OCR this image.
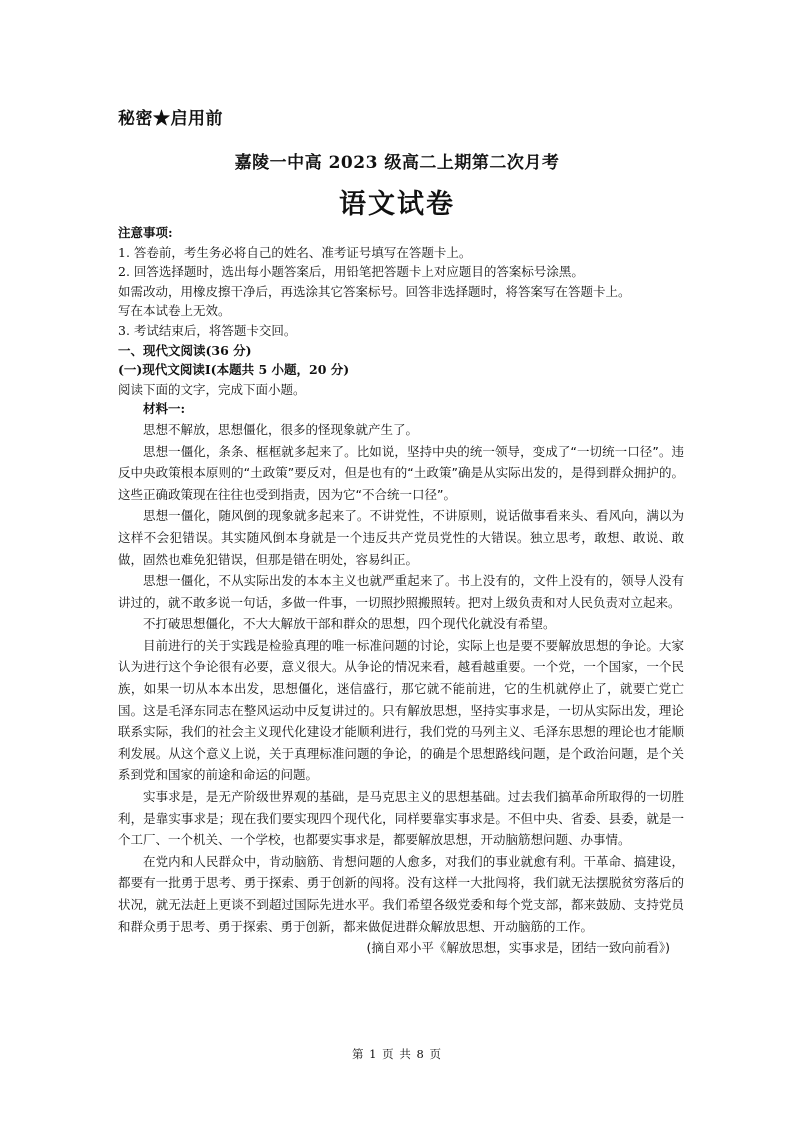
秘密★启用前
嘉陵一中高 2023 级高二上期第二次月考
语文试卷

注意事项:

1. 答卷前，考生务必将自己的姓名、准考证号填写在答题卡上。

2. 回答选择题时，选出每小题答案后，用铅笔把答题卡上对应题目的答案标号涂黑。

如需改动，用橡皮擦干净后，再选涂其它答案标号。回答非选择题时，将答案写在答题卡上。

写在本试卷上无效。

3. 考试结束后，将答题卡交回。

一、现代文阅读(36 分)

(一)现代文阅读Ⅰ(本题共 5 小题，20 分)

阅读下面的文字，完成下面小题。

材料一:

思想不解放，思想僵化，很多的怪现象就产生了。

思想一僵化，条条、框框就多起来了。比如说，坚持中央的统一领导，变成了“一切统一口径”。违反中央政策根本原则的“土政策”要反对，但是也有的“土政策”确是从实际出发的，是得到群众拥护的。这些正确政策现在往往也受到指责，因为它“不合统一口径”。

思想一僵化，随风倒的现象就多起来了。不讲党性，不讲原则，说话做事看来头、看风向，满以为这样不会犯错误。其实随风倒本身就是一个违反共产党员党性的大错误。独立思考，敢想、敢说、敢做，固然也难免犯错误，但那是错在明处，容易纠正。

思想一僵化，不从实际出发的本本主义也就严重起来了。书上没有的，文件上没有的，领导人没有讲过的，就不敢多说一句话，多做一件事，一切照抄照搬照转。把对上级负责和对人民负责对立起来。

不打破思想僵化，不大大解放干部和群众的思想，四个现代化就没有希望。

目前进行的关于实践是检验真理的唯一标准问题的讨论，实际上也是要不要解放思想的争论。大家认为进行这个争论很有必要，意义很大。从争论的情况来看，越看越重要。一个党，一个国家，一个民族，如果一切从本本出发，思想僵化，迷信盛行，那它就不能前进，它的生机就停止了，就要亡党亡国。这是毛泽东同志在整风运动中反复讲过的。只有解放思想，坚持实事求是，一切从实际出发，理论联系实际，我们的社会主义现代化建设才能顺利进行，我们党的马列主义、毛泽东思想的理论也才能顺利发展。从这个意义上说，关于真理标准问题的争论，的确是个思想路线问题，是个政治问题，是个关系到党和国家的前途和命运的问题。

实事求是，是无产阶级世界观的基础，是马克思主义的思想基础。过去我们搞革命所取得的一切胜利，是靠实事求是；现在我们要实现四个现代化，同样要靠实事求是。不但中央、省委、县委，就是一个工厂、一个机关、一个学校，也都要实事求是，都要解放思想，开动脑筋想问题、办事情。

在党内和人民群众中，肯动脑筋、肯想问题的人愈多，对我们的事业就愈有利。干革命、搞建设，都要有一批勇于思考、勇于探索、勇于创新的闯将。没有这样一大批闯将，我们就无法摆脱贫穷落后的状况，就无法赶上更谈不到超过国际先进水平。我们希望各级党委和每个党支部，都来鼓励、支持党员和群众勇于思考、勇于探索、勇于创新，都来做促进群众解放思想、开动脑筋的工作。

(摘自邓小平《解放思想，实事求是，团结一致向前看》)

第 1 页 共 8 页
